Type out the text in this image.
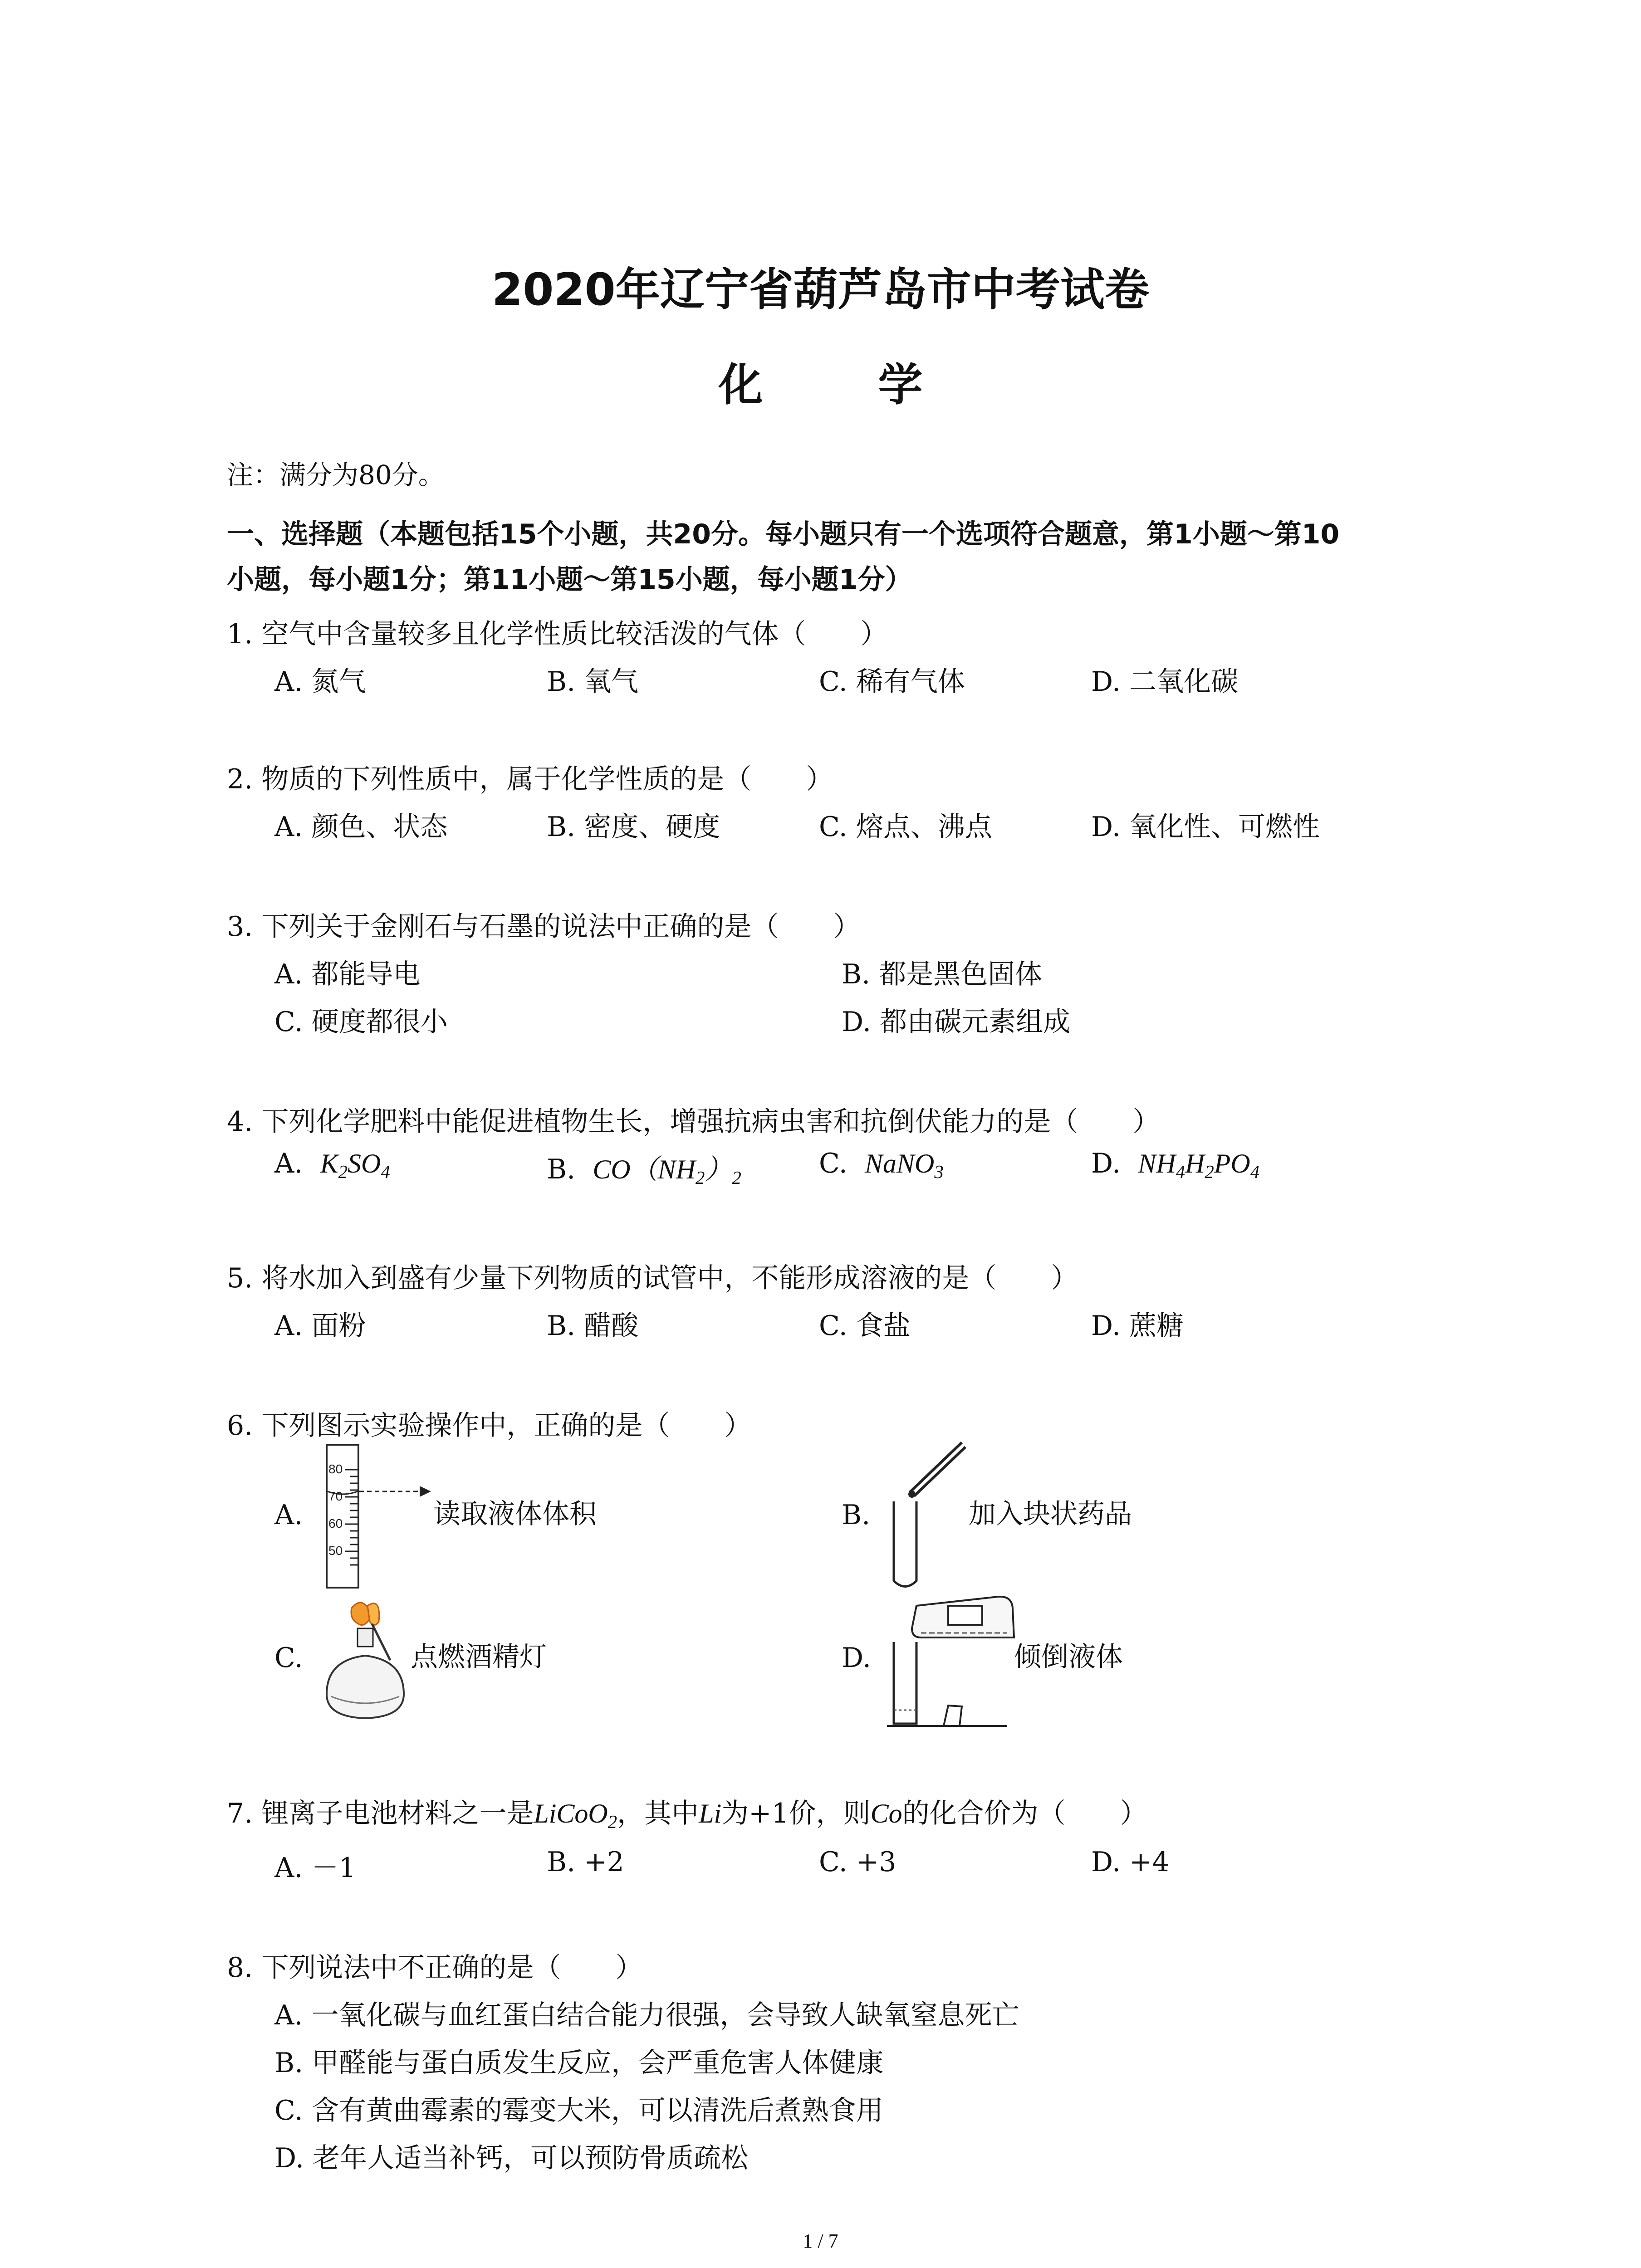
2020年辽宁省葫芦岛市中考试卷
化 学
注：满分为80分。
一、选择题（本题包括15个小题，共20分。每小题只有一个选项符合题意，第1小题～第10
小题，每小题1分；第11小题～第15小题，每小题1分）
1. 空气中含量较多且化学性质比较活泼的气体（　　）
A. 氮气	B. 氧气	C. 稀有气体	D. 二氧化碳
2. 物质的下列性质中，属于化学性质的是（　　）
A. 颜色、状态	B. 密度、硬度	C. 熔点、沸点	D. 氧化性、可燃性
3. 下列关于金刚石与石墨的说法中正确的是（　　）
A. 都能导电	B. 都是黑色固体
C. 硬度都很小	D. 都由碳元素组成
4. 下列化学肥料中能促进植物生长，增强抗病虫害和抗倒伏能力的是（　　）
A. $K_2SO_4$	B. $CO(NH_2)_2$	C. NaNO$_3$	D. $NH_4H_2PO_4$
5. 将水加入到盛有少量下列物质的试管中，不能形成溶液的是（　　）
A. 面粉	B. 醋酸	C. 食盐	D. 蔗糖
6. 下列图示实验操作中，正确的是（　　）
A.
80
70
60
50
读取液体体积	B.	加入块状药品
C.	点燃酒精灯	D.	倾倒液体
7. 锂离子电池材料之一是LiCoO$_2$，其中Li为+1价，则Co的化合价为（　　）
A. －1	B. +2	C. +3	D. +4
8. 下列说法中不正确的是（　　）
A. 一氧化碳与血红蛋白结合能力很强，会导致人缺氧窒息死亡
B. 甲醛能与蛋白质发生反应，会严重危害人体健康
C. 含有黄曲霉素的霉变大米，可以清洗后煮熟食用
D. 老年人适当补钙，可以预防骨质疏松
1 / 7
